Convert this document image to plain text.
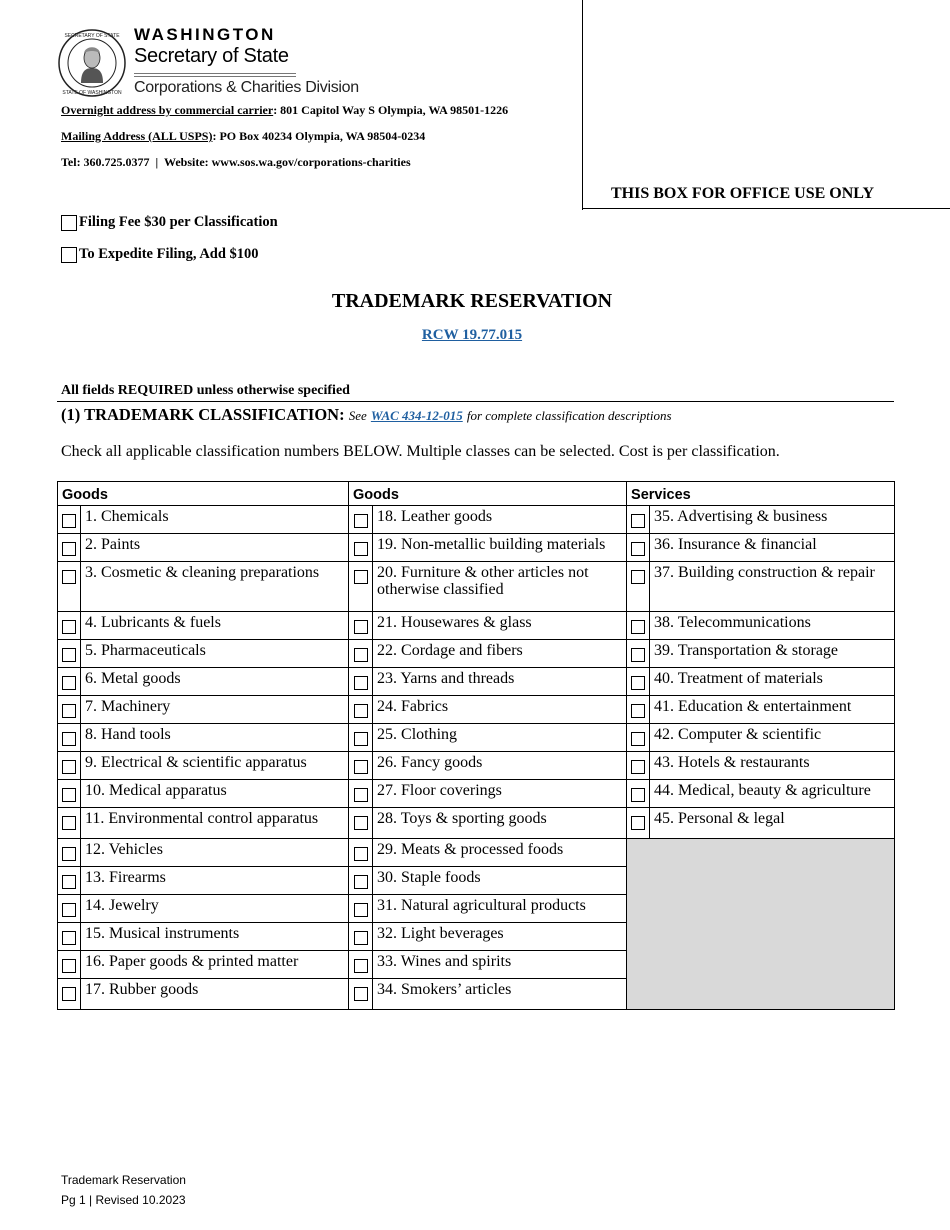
SECRETARY OF STATE
STATE OF WASHINGTON
WASHINGTON
Secretary of State
Corporations & Charities Division
Overnight address by commercial carrier: 801 Capitol Way S Olympia, WA 98501-1226
Mailing Address (ALL USPS): PO Box 40234 Olympia, WA 98504-0234
Tel: 360.725.0377  |  Website: www.sos.wa.gov/corporations-charities
THIS BOX FOR OFFICE USE ONLY
Filing Fee $30 per Classification
To Expedite Filing, Add $100
TRADEMARK RESERVATION
RCW 19.77.015
All fields REQUIRED unless otherwise specified
(1) TRADEMARK CLASSIFICATION: See WAC 434-12-015 for complete classification descriptions
Check all applicable classification numbers BELOW. Multiple classes can be selected. Cost is per classification.
Goods		Goods		Services	
	1. Chemicals		18. Leather goods		35. Advertising & business
	2. Paints		19. Non-metallic building materials		36. Insurance & financial
	3. Cosmetic & cleaning preparations		20. Furniture & other articles not otherwise classified		37. Building construction & repair
	4. Lubricants & fuels		21. Housewares & glass		38. Telecommunications
	5. Pharmaceuticals		22. Cordage and fibers		39. Transportation & storage
	6. Metal goods		23. Yarns and threads		40. Treatment of materials
	7. Machinery		24. Fabrics		41. Education & entertainment
	8. Hand tools		25. Clothing		42. Computer & scientific
	9. Electrical & scientific apparatus		26. Fancy goods		43. Hotels & restaurants
	10. Medical apparatus		27. Floor coverings		44. Medical, beauty & agriculture
	11. Environmental control apparatus		28. Toys & sporting goods		45. Personal & legal
	12. Vehicles		29. Meats & processed foods		
	13. Firearms		30. Staple foods		
	14. Jewelry		31. Natural agricultural products		
	15. Musical instruments		32. Light beverages		
	16. Paper goods & printed matter		33. Wines and spirits		
	17. Rubber goods		34. Smokers’ articles		
Trademark Reservation
Pg 1 | Revised 10.2023
